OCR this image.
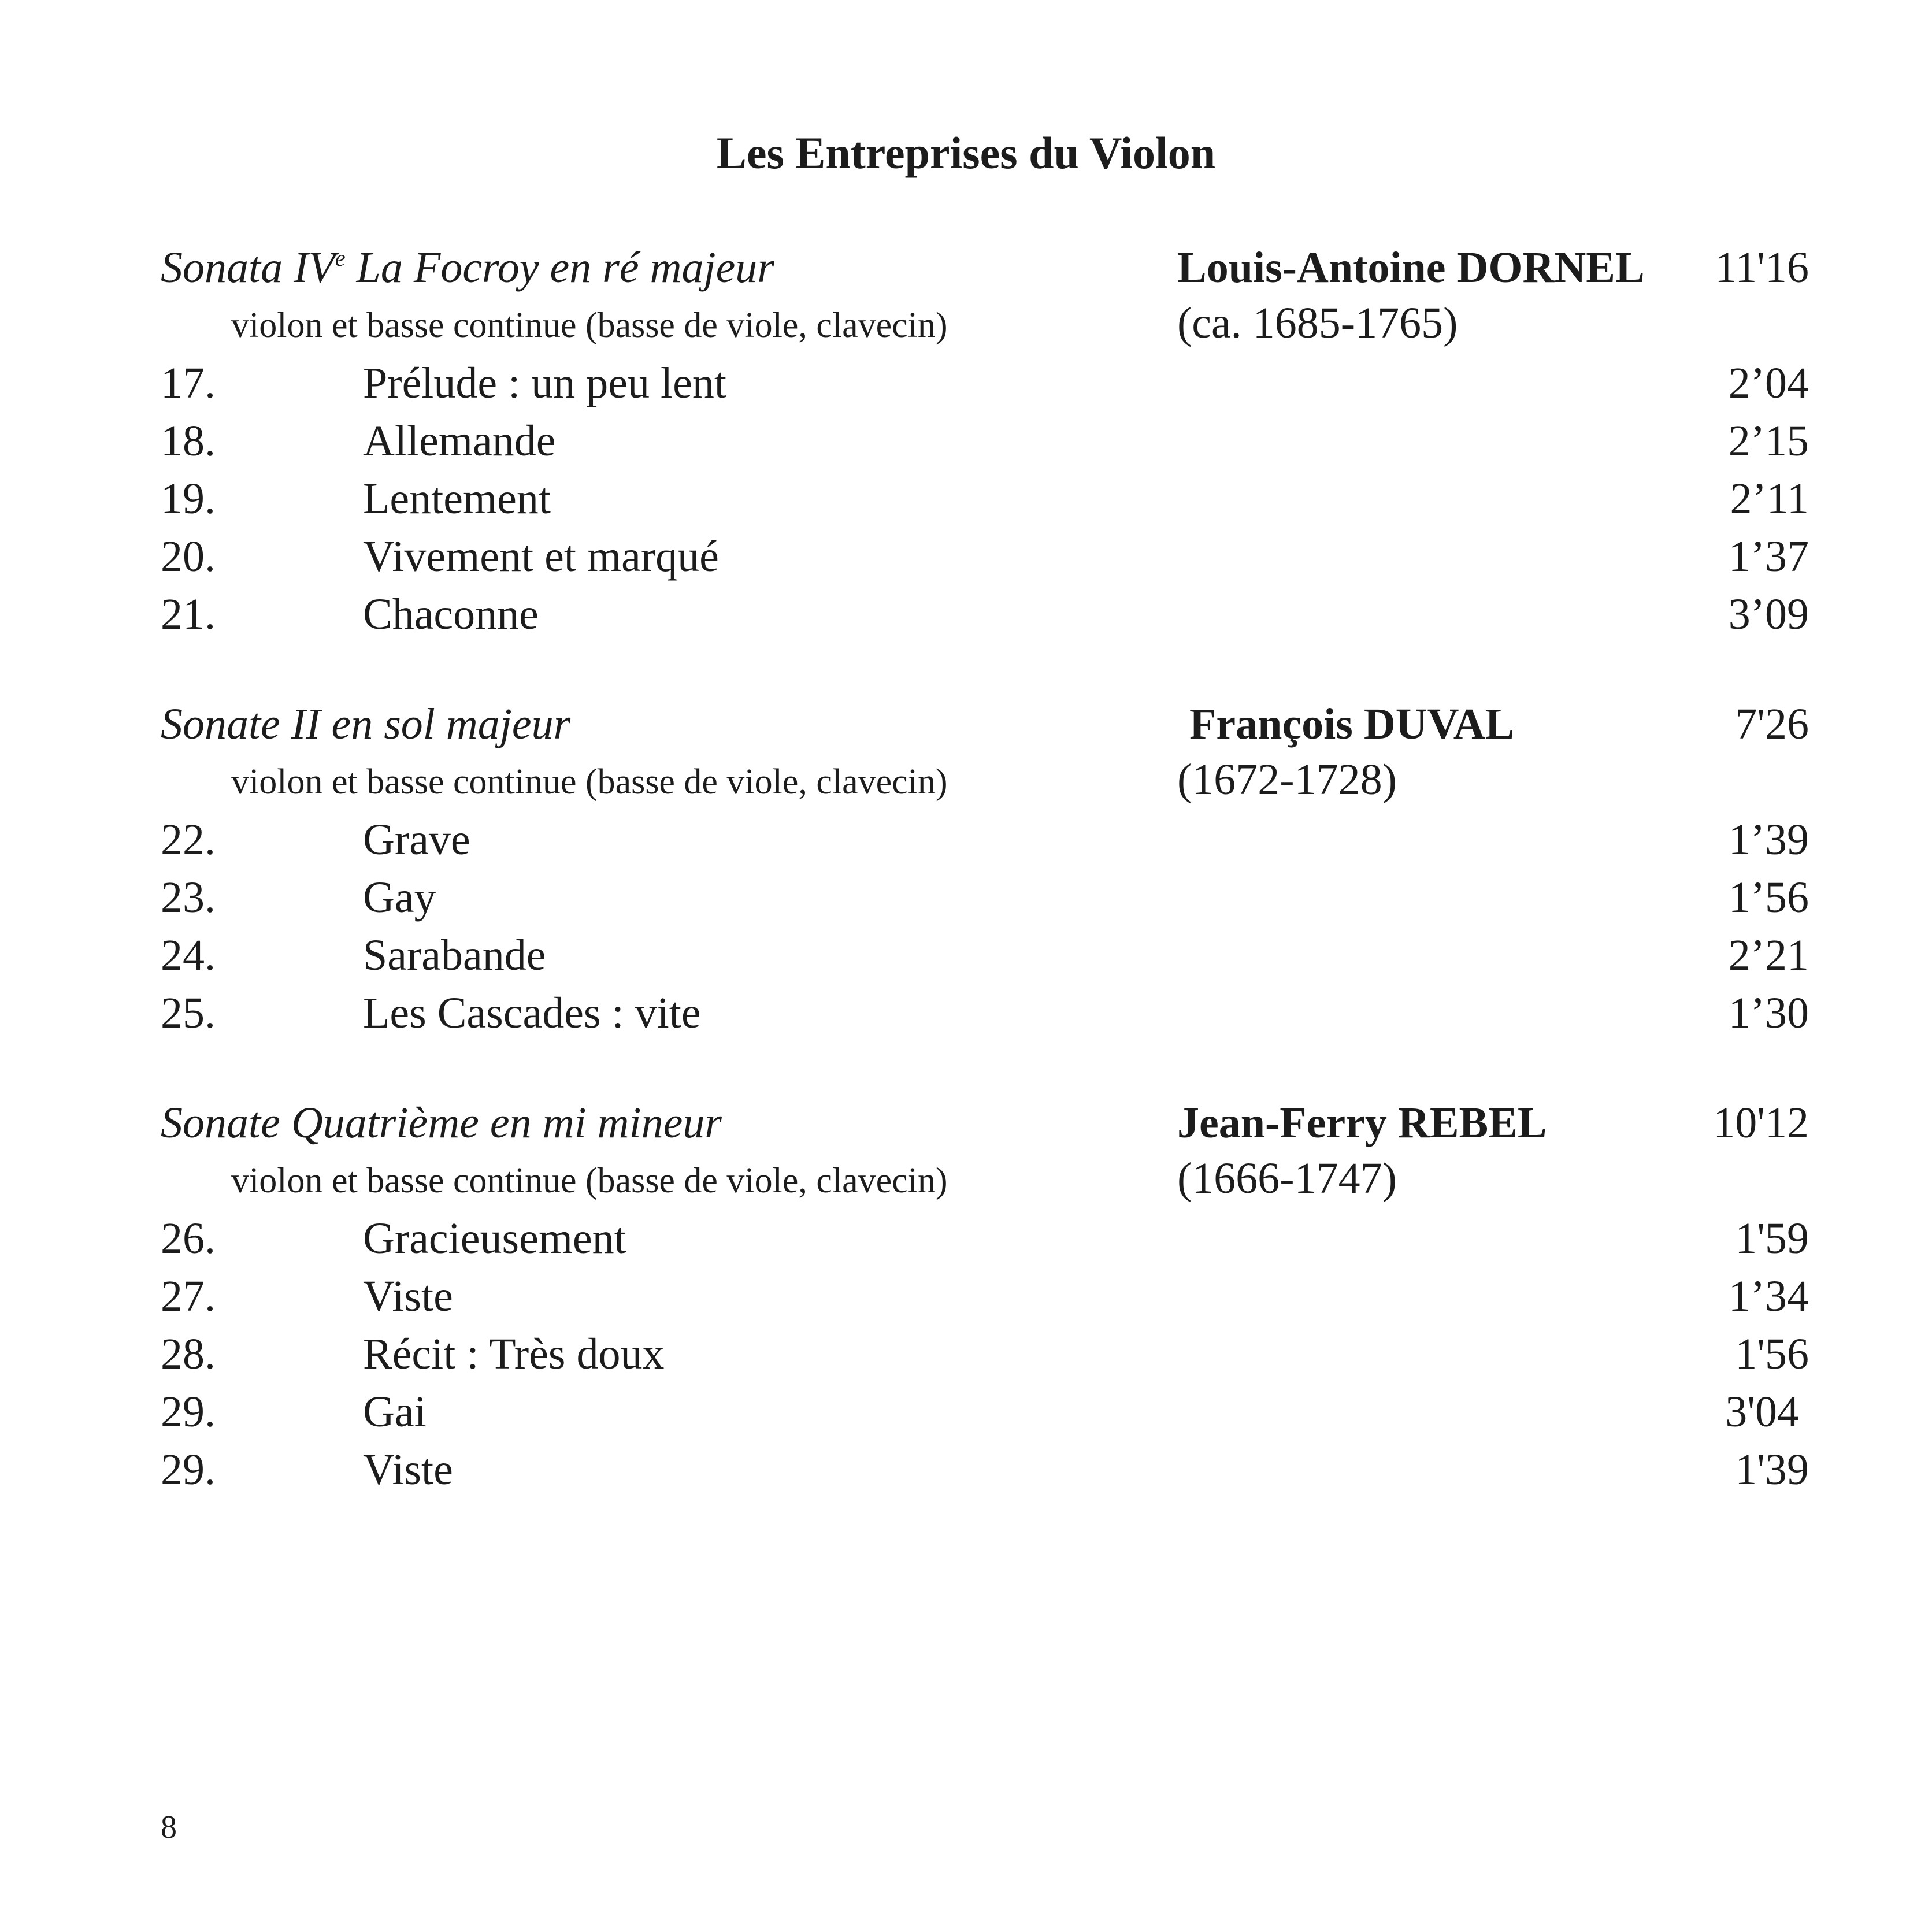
Les Entreprises du Violon
Sonata IVe La Focroy en ré majeur	Louis-Antoine DORNEL 11'16
violon et basse continue (basse de viole, clavecin)	(ca. 1685-1765)
17.	Prélude : un peu lent	2’04
18.	Allemande	2’15
19.	Lentement	2’11
20.	Vivement et marqué	1’37
21.	Chaconne	3’09
Sonate II en sol majeur	François DUVAL	7'26
violon et basse continue (basse de viole, clavecin)	(1672-1728)
22.	Grave	1’39
23.	Gay	1’56
24.	Sarabande	2’21
25.	Les Cascades : vite	1’30
Sonate Quatrième en mi mineur	Jean-Ferry REBEL	10'12
violon et basse continue (basse de viole, clavecin)	(1666-1747)
26.	Gracieusement	1'59
27.	Viste	1’34
28.	Récit : Très doux	1'56
29.	Gai	3'04
29.	Viste	1'39
8
